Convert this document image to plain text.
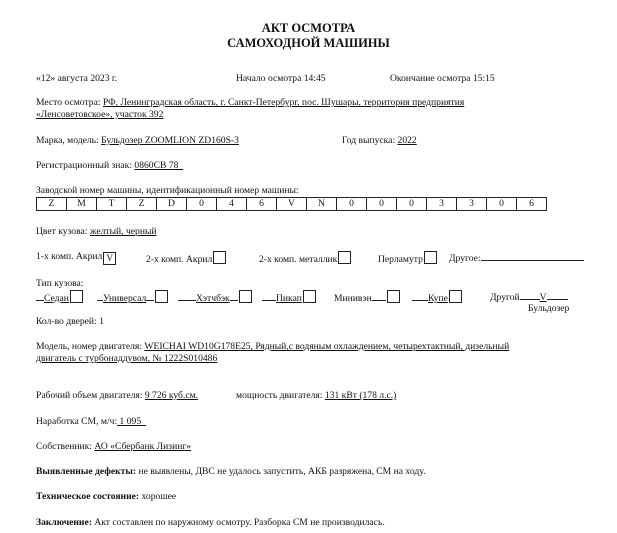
АКТ ОСМОТРА
САМОХОДНОЙ МАШИНЫ
«12» августа 2023 г.	Начало осмотра 14:45	Окончание осмотра 15:15
Место осмотра: РФ, Ленинградская область, г. Санкт-Петербург, пос. Шушары, территория предприятия
«Ленсоветовское», участок 392
Марка, модель: Бульдозер ZOOMLION ZD160S-3	Год выпуска: 2022
Регистрационный знак: 0860СВ 78
Заводской номер машины, идентификационный номер машины:
Z	M	T	Z	D	0	4	6	V	N	0	0	0	3	3	0	6
Цвет кузова: желтый, черный
1-х комп. Акрил V	2-х комп. Акрил	2-х комп. металлик	Перламутр	Другое:
Тип кузова:
Седан	Универсал	Хэтчбэк	Пикап	Минивэн	Купе	Другой V
Бульдозер
Кол-во дверей: 1
Модель, номер двигателя: WEICHAI WD10G178E25, Рядный,с водяным охлаждением, четырехтактный, дизельный
двигатель с турбонаддувом, № 1222S010486
Рабочий объем двигателя: 9 726 куб.см.	мощность двигателя: 131 кВт (178 л.с.)
Наработка СМ, м/ч: 1 095
Собственник: АО «Сбербанк Лизинг»
Выявленные дефекты: не выявлены, ДВС не удалось запустить, АКБ разряжена, СМ на ходу.
Техническое состояние: хорошее
Заключение: Акт составлен по наружному осмотру. Разборка СМ не производилась.
